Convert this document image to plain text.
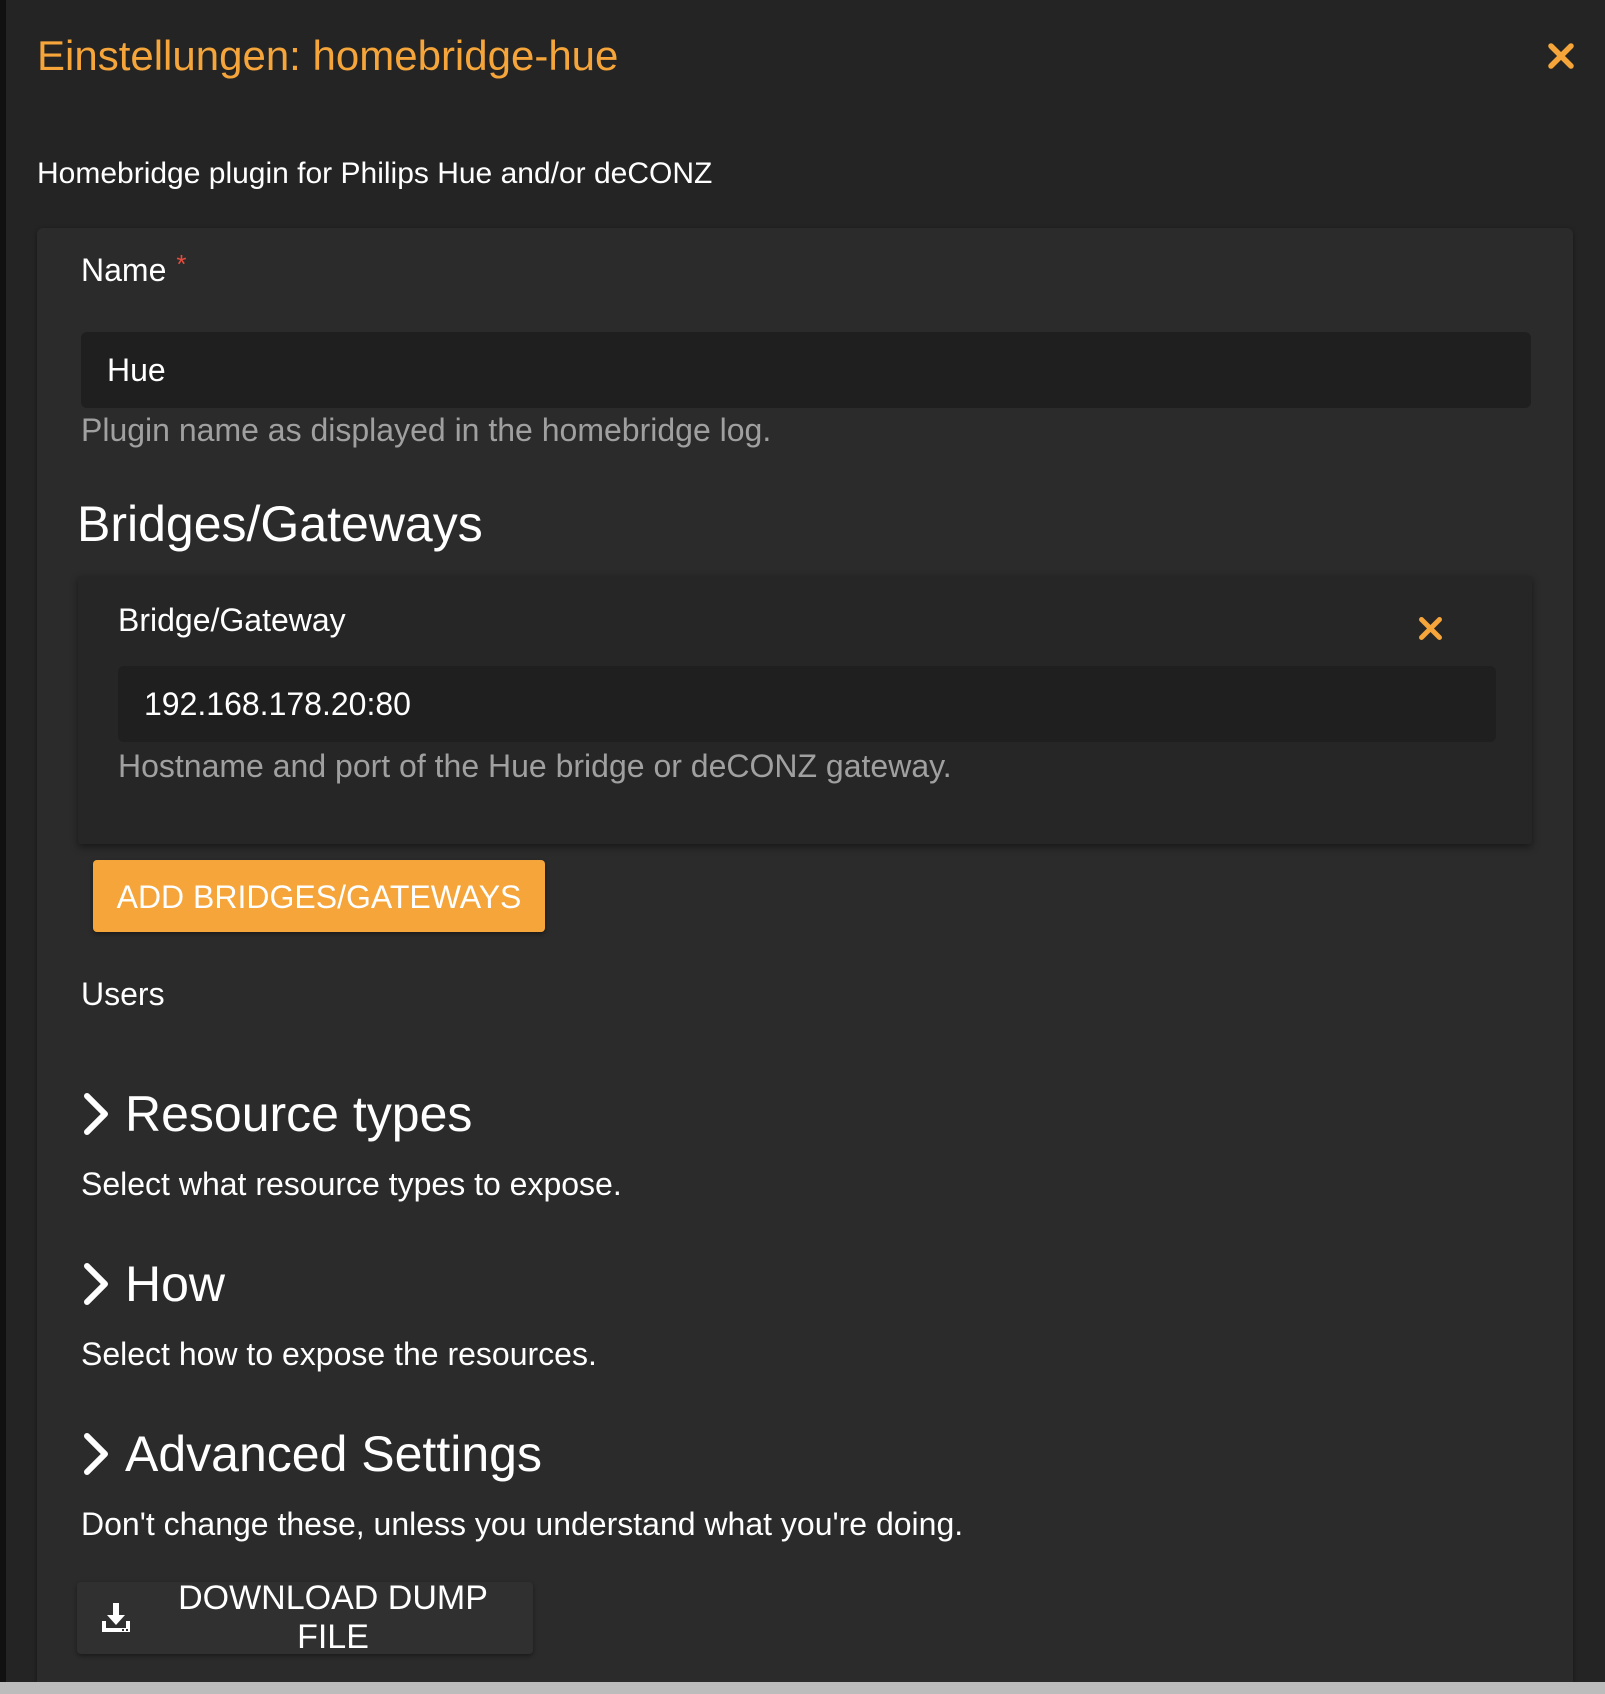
Einstellungen: homebridge-hue
Homebridge plugin for Philips Hue and/or deCONZ
Name *
Hue
Plugin name as displayed in the homebridge log.
Bridges/Gateways
Bridge/Gateway
192.168.178.20:80
Hostname and port of the Hue bridge or deCONZ gateway.
ADD BRIDGES/GATEWAYS
Users
Resource types
Select what resource types to expose.
How
Select how to expose the resources.
Advanced Settings
Don't change these, unless you understand what you're doing.
DOWNLOAD DUMP FILE
